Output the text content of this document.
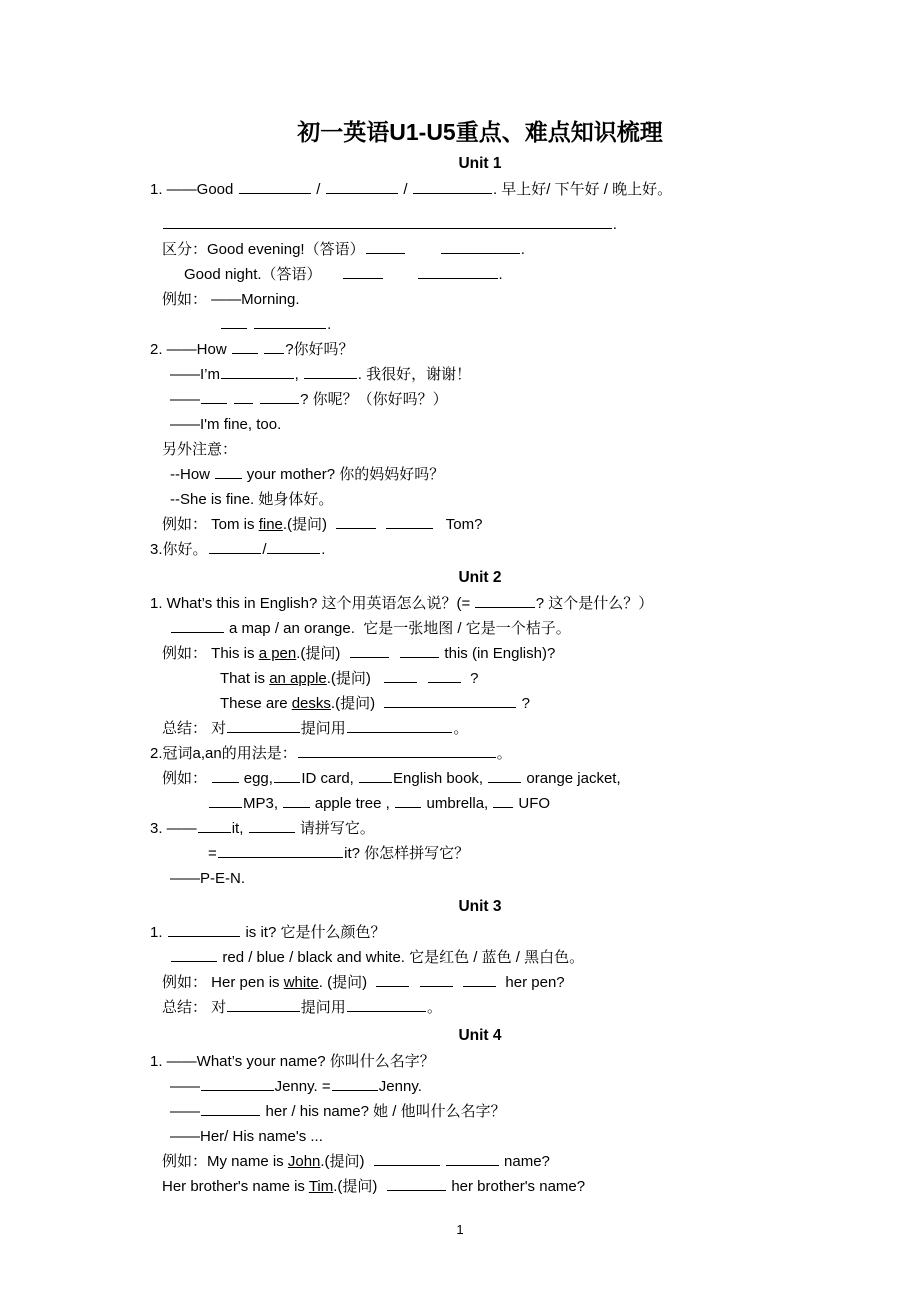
初一英语U1-U5重点、难点知识梳理
Unit 1
1. ——Good	/	/	. 早上好/ 下午好 / 晚上好。
.
区分：Good evening!（答语）	.
Good night.（答语）	.
例如： ——Morning.
.
2. ——How	?你好吗？
——I’m	,	. 我很好，谢谢！
——	? 你呢？（你好吗？）
——I'm fine, too.
另外注意：
--How  your mother? 你的妈妈好吗？
--She is fine. 她身体好。
例如： Tom is fine.(提问)	Tom?
3.你好。	/	.
Unit 2
1. What’s this in English? 这个用英语怎么说？(=	? 这个是什么？）
a map / an orange.  它是一张地图 / 它是一个桔子。
例如： This is a pen.(提问)	this (in English)?
That is an apple.(提问)	?
These are desks.(提问)	?
总结： 对	提问用	。
2.冠词a,an的用法是：	。
例如：  egg, ID card, English book,  orange jacket,
MP3,  apple tree ,  umbrella,  UFO
3. —— it,	请拼写它。
=	it? 你怎样拼写它？
——P-E-N.
Unit 3
1.	is it? 它是什么颜色？
red / blue / black and white. 它是红色 / 蓝色 / 黑白色。
例如： Her pen is white. (提问)	her pen?
总结： 对	提问用	。
Unit 4
1. ——What’s your name? 你叫什么名字？
——	Jenny. =	Jenny.
——	her / his name? 她 / 他叫什么名字？
——Her/ His name's ...
例如：My name is John.(提问)	name?
Her brother's name is Tim.(提问)	her brother's name?
1
